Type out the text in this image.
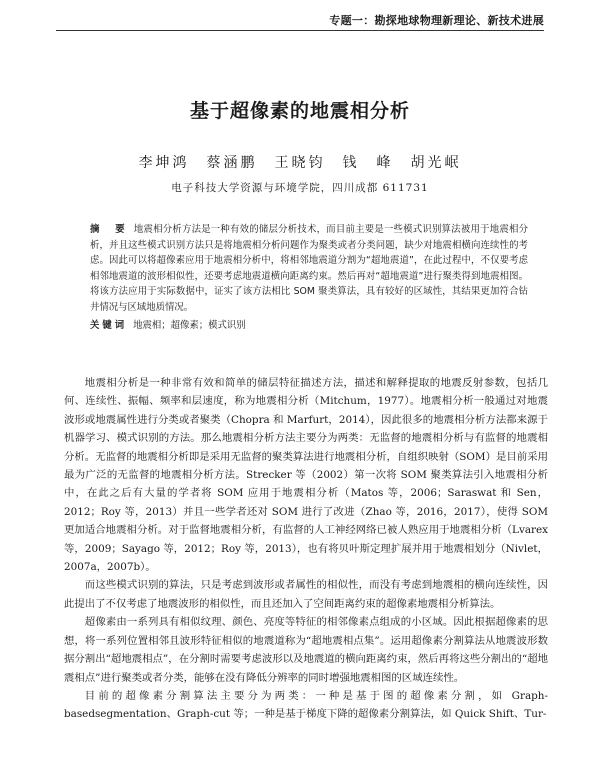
专题一：勘探地球物理新理论、新技术进展
基于超像素的地震相分析
李坤鸿　蔡涵鹏　王晓钧　钱　峰　胡光岷
电子科技大学资源与环境学院，四川成都 611731
摘　要 地震相分析方法是一种有效的储层分析技术，而目前主要是一些模式识别算法被用于地震相分析，并且这些模式识别方法只是将地震相分析问题作为聚类或者分类问题，缺少对地震相横向连续性的考虑。因此可以将超像素应用于地震相分析中，将相邻地震道分割为“超地震道”，在此过程中，不仅要考虑相邻地震道的波形相似性，还要考虑地震道横向距离约束。然后再对“超地震道”进行聚类得到地震相图。将该方法应用于实际数据中，证实了该方法相比 SOM 聚类算法，具有较好的区域性，其结果更加符合钻井情况与区域地质情况。
关键词 地震相；超像素；模式识别

地震相分析是一种非常有效和简单的储层特征描述方法，描述和解释提取的地震反射参数，包括几何、连续性、振幅、频率和层速度，称为地震相分析（Mitchum，1977）。地震相分析一般通过对地震波形或地震属性进行分类或者聚类（Chopra 和 Marfurt，2014），因此很多的地震相分析方法都来源于机器学习、模式识别的方法。那么地震相分析方法主要分为两类：无监督的地震相分析与有监督的地震相分析。无监督的地震相分析即是采用无监督的聚类算法进行地震相分析，自组织映射（SOM）是目前采用最为广泛的无监督的地震相分析方法。Strecker 等（2002）第一次将 SOM 聚类算法引入地震相分析中，在此之后有大量的学者将 SOM 应用于地震相分析（Matos 等，2006；Saraswat 和 Sen，2012；Roy 等，2013）并且一些学者还对 SOM 进行了改进（Zhao 等，2016，2017），使得 SOM 更加适合地震相分析。对于监督地震相分析，有监督的人工神经网络已被人熟应用于地震相分析（Lvarex 等，2009；Sayago 等，2012；Roy 等，2013），也有将贝叶斯定理扩展并用于地震相划分（Nivlet，2007a，2007b）。

而这些模式识别的算法，只是考虑到波形或者属性的相似性，而没有考虑到地震相的横向连续性，因此提出了不仅考虑了地震波形的相似性，而且还加入了空间距离约束的超像素地震相分析算法。

超像素由一系列具有相似纹理、颜色、亮度等特征的相邻像素点组成的小区域。因此根据超像素的思想，将一系列位置相邻且波形特征相似的地震道称为“超地震相点集”。运用超像素分割算法从地震波形数据分割出“超地震相点”，在分割时需要考虑波形以及地震道的横向距离约束，然后再将这些分割出的“超地震相点”进行聚类或者分类，能够在没有降低分辨率的同时增强地震相图的区域连续性。

目前的超像素分割算法主要分为两类：一种是基于图的超像素分割，如 Graph-basedsegmentation、Graph-cut 等；一种是基于梯度下降的超像素分割算法，如 Quick Shift、Tur-
